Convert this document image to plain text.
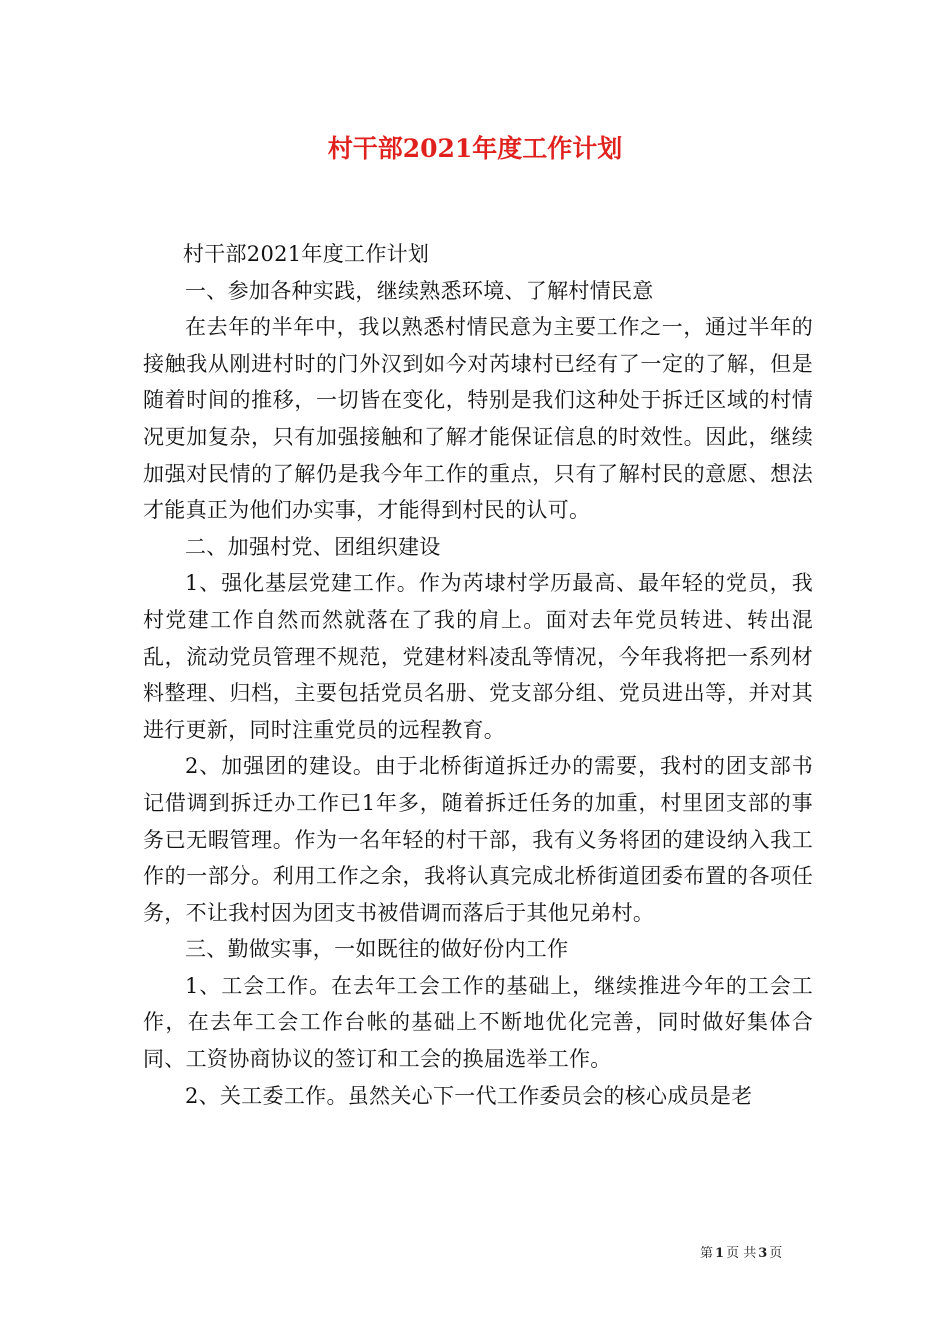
村干部2021年度工作计划

村干部2021年度工作计划

一、参加各种实践，继续熟悉环境、了解村情民意

在去年的半年中，我以熟悉村情民意为主要工作之一，通过半年的接触我从刚进村时的门外汉到如今对芮埭村已经有了一定的了解，但是随着时间的推移，一切皆在变化，特别是我们这种处于拆迁区域的村情况更加复杂，只有加强接触和了解才能保证信息的时效性。因此，继续加强对民情的了解仍是我今年工作的重点，只有了解村民的意愿、想法才能真正为他们办实事，才能得到村民的认可。

二、加强村党、团组织建设

1、强化基层党建工作。作为芮埭村学历最高、最年轻的党员，我村党建工作自然而然就落在了我的肩上。面对去年党员转进、转出混乱，流动党员管理不规范，党建材料凌乱等情况，今年我将把一系列材料整理、归档，主要包括党员名册、党支部分组、党员进出等，并对其进行更新，同时注重党员的远程教育。

2、加强团的建设。由于北桥街道拆迁办的需要，我村的团支部书记借调到拆迁办工作已1年多，随着拆迁任务的加重，村里团支部的事务已无暇管理。作为一名年轻的村干部，我有义务将团的建设纳入我工作的一部分。利用工作之余，我将认真完成北桥街道团委布置的各项任务，不让我村因为团支书被借调而落后于其他兄弟村。

三、勤做实事，一如既往的做好份内工作

1、工会工作。在去年工会工作的基础上，继续推进今年的工会工作，在去年工会工作台帐的基础上不断地优化完善，同时做好集体合同、工资协商协议的签订和工会的换届选举工作。

2、关工委工作。虽然关心下一代工作委员会的核心成员是老

第 1 页 共 3 页
